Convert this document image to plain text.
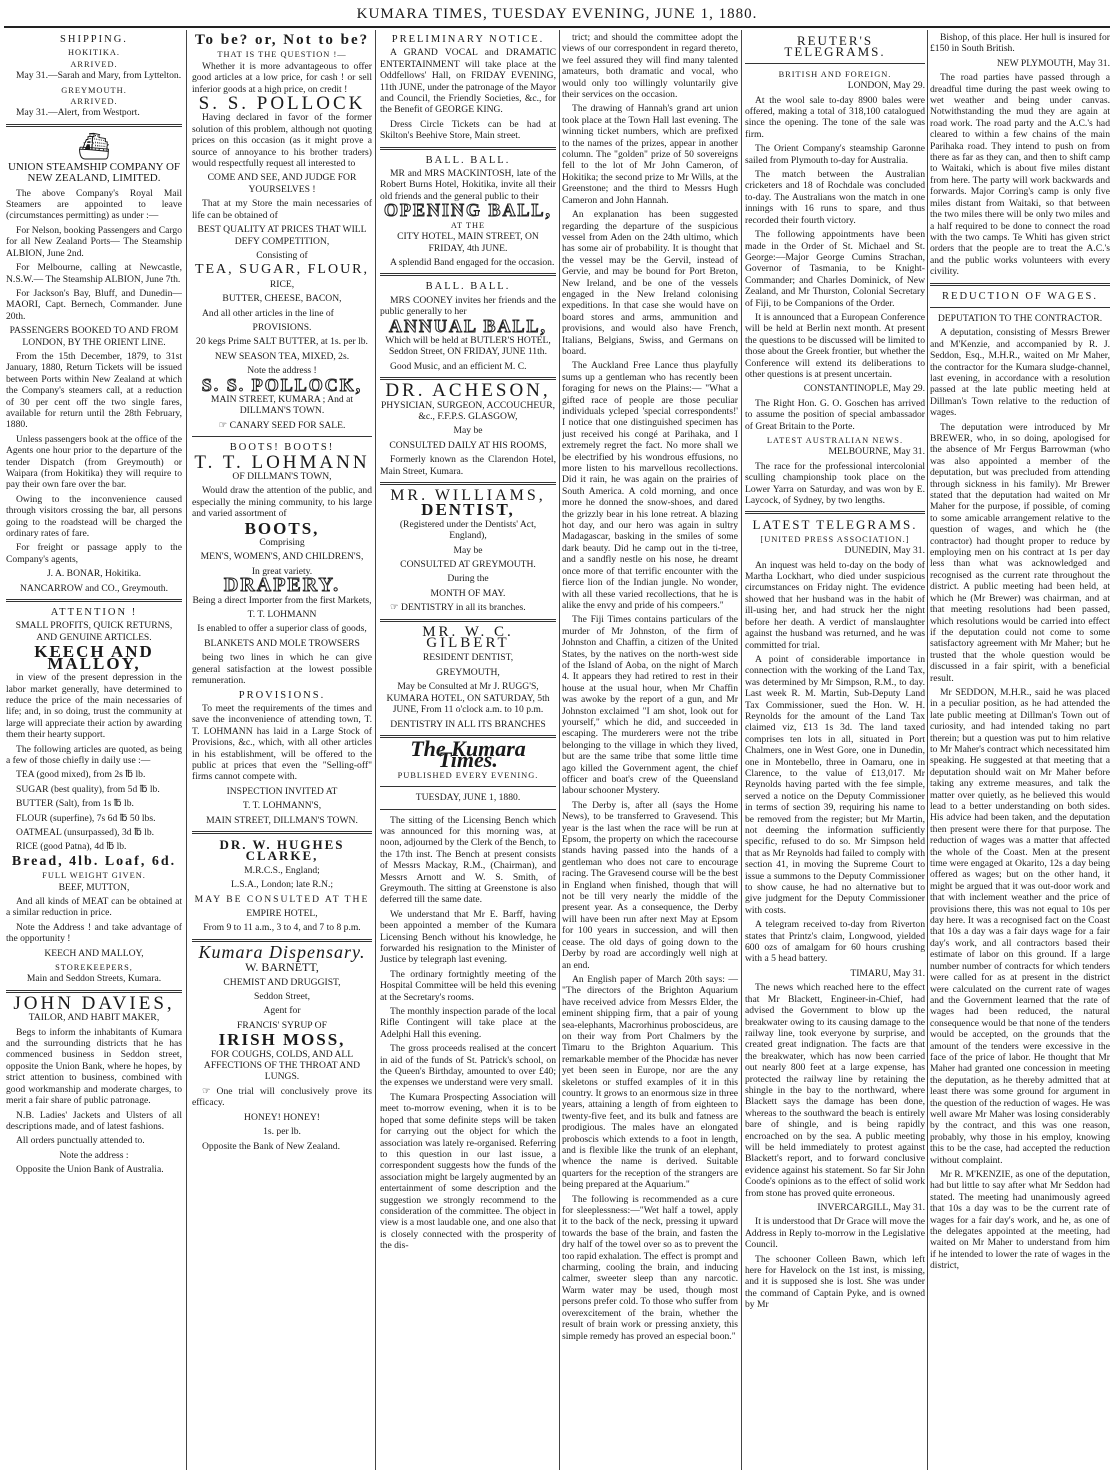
KUMARA TIMES, TUESDAY EVENING, JUNE 1, 1880.
SHIPPING.
HOKITIKA.
ARRIVED.

May 31.—Sarah and Mary, from Lyttelton.

GREYMOUTH.
ARRIVED.

May 31.—Alert, from Westport.

⛴

UNION STEAMSHIP COMPANY OF NEW ZEALAND, LIMITED.

The above Company's Royal Mail Steamers are appointed to leave (circumstances permitting) as under :—

For Nelson, booking Passengers and Cargo for all New Zealand Ports— The Steamship ALBION, June 2nd.

For Melbourne, calling at Newcastle, N.S.W.— The Steamship ALBION, June 7th.

For Jackson's Bay, Bluff, and Dunedin— MAORI, Capt. Bernech, Commander. June 20th.

PASSENGERS BOOKED TO AND FROM LONDON, BY THE ORIENT LINE.

From the 15th December, 1879, to 31st January, 1880, Return Tickets will be issued between Ports within New Zealand at which the Company's steamers call, at a reduction of 30 per cent off the two single fares, available for return until the 28th February, 1880.

Unless passengers book at the office of the Agents one hour prior to the departure of the tender Dispatch (from Greymouth) or Waipara (from Hokitika) they will require to pay their own fare over the bar.

Owing to the inconvenience caused through visitors crossing the bar, all persons going to the roadstead will be charged the ordinary rates of fare.

For freight or passage apply to the Company's agents,

J. A. BONAR, Hokitika.

NANCARROW and CO., Greymouth.

ATTENTION !

SMALL PROFITS, QUICK RETURNS, AND GENUINE ARTICLES.

KEECH AND MALLOY,

in view of the present depression in the labor market generally, have determined to reduce the price of the main necessaries of life; and, in so doing, trust the community at large will appreciate their action by awarding them their hearty support.

The following articles are quoted, as being a few of those chiefly in daily use :—

TEA (good mixed), from 2s ℔ lb.

SUGAR (best quality), from 5d ℔ lb.

BUTTER (Salt), from 1s ℔ lb.

FLOUR (superfine), 7s 6d ℔ 50 lbs.

OATMEAL (unsurpassed), 3d ℔ lb.

RICE (good Patna), 4d ℔ lb.

Bread, 4lb. Loaf, 6d.
FULL WEIGHT GIVEN.

BEEF, MUTTON,

And all kinds of MEAT can be obtained at a similar reduction in price.

Note the Address ! and take advantage of the opportunity !

KEECH AND MALLOY,

STOREKEEPERS,

Main and Seddon Streets, Kumara.

JOHN DAVIES,

TAILOR, AND HABIT MAKER,

Begs to inform the inhabitants of Kumara and the surrounding districts that he has commenced business in Seddon street, opposite the Union Bank, where he hopes, by strict attention to business, combined with good workmanship and moderate charges, to merit a fair share of public patronage.

N.B. Ladies' Jackets and Ulsters of all descriptions made, and of latest fashions.

All orders punctually attended to.

Note the address :

Opposite the Union Bank of Australia.

To be? or, Not to be?
THAT IS THE QUESTION !—

Whether it is more advantageous to offer good articles at a low price, for cash ! or sell inferior goods at a high price, on credit !

S. S. POLLOCK

Having declared in favor of the former solution of this problem, although not quoting prices on this occasion (as it might prove a source of annoyance to his brother traders) would respectfully request all interested to

COME AND SEE, AND JUDGE FOR YOURSELVES !

That at my Store the main necessaries of life can be obtained of

BEST QUALITY AT PRICES THAT WILL DEFY COMPETITION,

Consisting of

TEA, SUGAR, FLOUR,

RICE,

BUTTER, CHEESE, BACON,

And all other articles in the line of

PROVISIONS.

20 kegs Prime SALT BUTTER, at 1s. per lb.

NEW SEASON TEA, MIXED, 2s.

Note the address !

S. S. POLLOCK,

MAIN STREET, KUMARA ; And at DILLMAN'S TOWN.

☞ CANARY SEED FOR SALE.

BOOTS! BOOTS!
T. T. LOHMANN

OF DILLMAN'S TOWN,

Would draw the attention of the public, and especially the mining community, to his large and varied assortment of

BOOTS,

Comprising

MEN'S, WOMEN'S, AND CHILDREN'S,

In great variety.

DRAPERY.

Being a direct Importer from the first Markets,

T. T. LOHMANN

Is enabled to offer a superior class of goods,

BLANKETS AND MOLE TROWSERS

being two lines in which he can give general satisfaction at the lowest possible remuneration.

PROVISIONS.

To meet the requirements of the times and save the inconvenience of attending town, T. T. LOHMANN has laid in a Large Stock of Provisions, &c., which, with all other articles in his establishment, will be offered to the public at prices that even the "Selling-off" firms cannot compete with.

INSPECTION INVITED AT

T. T. LOHMANN'S,

MAIN STREET, DILLMAN'S TOWN.

DR. W. HUGHES CLARKE,

M.R.C.S., England;

L.S.A., London; late R.N.;

MAY BE CONSULTED AT THE

EMPIRE HOTEL,

From 9 to 11 a.m., 3 to 4, and 7 to 8 p.m.

Kumara Dispensary.

W. BARNETT,

CHEMIST AND DRUGGIST,

Seddon Street,

Agent for

FRANCIS' SYRUP OF

IRISH MOSS,

FOR COUGHS, COLDS, AND ALL AFFECTIONS OF THE THROAT AND LUNGS.

☞ One trial will conclusively prove its efficacy.

HONEY! HONEY!

1s. per lb.

Opposite the Bank of New Zealand.

PRELIMINARY NOTICE.

A GRAND VOCAL and DRAMATIC ENTERTAINMENT will take place at the Oddfellows' Hall, on FRIDAY EVENING, 11th JUNE, under the patronage of the Mayor and Council, the Friendly Societies, &c., for the Benefit of GEORGE KING.

Dress Circle Tickets can be had at Skilton's Beehive Store, Main street.

BALL. BALL.

MR and MRS MACKINTOSH, late of the Robert Burns Hotel, Hokitika, invite all their old friends and the general public to their

OPENING BALL,
AT THE

CITY HOTEL, MAIN STREET, ON FRIDAY, 4th JUNE.

A splendid Band engaged for the occasion.

BALL. BALL.

MRS COONEY invites her friends and the public generally to her

ANNUAL BALL,

Which will be held at BUTLER'S HOTEL, Seddon Street, ON FRIDAY, JUNE 11th.

Good Music, and an efficient M. C.

DR. ACHESON,

PHYSICIAN, SURGEON, ACCOUCHEUR, &c., F.F.P.S. GLASGOW,

May be

CONSULTED DAILY AT HIS ROOMS,

Formerly known as the Clarendon Hotel, Main Street, Kumara.

MR. WILLIAMS,
DENTIST,

(Registered under the Dentists' Act, England),

May be

CONSULTED AT GREYMOUTH.

During the

MONTH OF MAY.

☞ DENTISTRY in all its branches.

MR. W. C. GILBERT

RESIDENT DENTIST,

GREYMOUTH,

May be Consulted at Mr J. RUGG'S, KUMARA HOTEL, ON SATURDAY, 5th JUNE, From 11 o'clock a.m. to 10 p.m.

DENTISTRY IN ALL ITS BRANCHES

The Kumara Times.
PUBLISHED EVERY EVENING.

TUESDAY, JUNE 1, 1880.

The sitting of the Licensing Bench which was announced for this morning was, at noon, adjourned by the Clerk of the Bench, to the 17th inst. The Bench at present consists of Messrs Mackay, R.M., (Chairman), and Messrs Arnott and W. S. Smith, of Greymouth. The sitting at Greenstone is also deferred till the same date.

We understand that Mr E. Barff, having been appointed a member of the Kumara Licensing Bench without his knowledge, he forwarded his resignation to the Minister of Justice by telegraph last evening.

The ordinary fortnightly meeting of the Hospital Committee will be held this evening at the Secretary's rooms.

The monthly inspection parade of the local Rifle Contingent will take place at the Adelphi Hall this evening.

The gross proceeds realised at the concert in aid of the funds of St. Patrick's school, on the Queen's Birthday, amounted to over £40; the expenses we understand were very small.

The Kumara Prospecting Association will meet to-morrow evening, when it is to be hoped that some definite steps will be taken for carrying out the object for which the association was lately re-organised. Referring to this question in our last issue, a correspondent suggests how the funds of the association might be largely augmented by an entertainment of some description and the suggestion we strongly recommend to the consideration of the committee. The object in view is a most laudable one, and one also that is closely connected with the prosperity of the dis-

trict; and should the committee adopt the views of our correspondent in regard thereto, we feel assured they will find many talented amateurs, both dramatic and vocal, who would only too willingly voluntarily give their services on the occasion.

The drawing of Hannah's grand art union took place at the Town Hall last evening. The winning ticket numbers, which are prefixed to the names of the prizes, appear in another column. The "golden" prize of 50 sovereigns fell to the lot of Mr John Cameron, of Hokitika; the second prize to Mr Wills, at the Greenstone; and the third to Messrs Hugh Cameron and John Hannah.

An explanation has been suggested regarding the departure of the suspicious vessel from Aden on the 24th ultimo, which has some air of probability. It is thought that the vessel may be the Gervil, instead of Gervie, and may be bound for Port Breton, New Ireland, and be one of the vessels engaged in the New Ireland colonising expeditions. In that case she would have on board stores and arms, ammunition and provisions, and would also have French, Italians, Belgians, Swiss, and Germans on board.

The Auckland Free Lance thus playfully sums up a gentleman who has recently been foraging for news on the Plains:— "What a gifted race of people are those peculiar individuals ycleped 'special correspondents!' I notice that one distinguished specimen has just received his congé at Parihaka, and I extremely regret the fact. No more shall we be electrified by his wondrous effusions, no more listen to his marvellous recollections. Did it rain, he was again on the prairies of South America. A cold morning, and once more he donned the snow-shoes, and dared the grizzly bear in his lone retreat. A blazing hot day, and our hero was again in sultry Madagascar, basking in the smiles of some dark beauty. Did he camp out in the ti-tree, and a sandfly nestle on his nose, he dreamt once more of that terrific encounter with the fierce lion of the Indian jungle. No wonder, with all these varied recollections, that he is alike the envy and pride of his compeers."

The Fiji Times contains particulars of the murder of Mr Johnston, of the firm of Johnston and Chaffin, a citizen of the United States, by the natives on the north-west side of the Island of Aoba, on the night of March 4. It appears they had retired to rest in their house at the usual hour, when Mr Chaffin was awoke by the report of a gun, and Mr Johnston exclaimed "I am shot, look out for yourself," which he did, and succeeded in escaping. The murderers were not the tribe belonging to the village in which they lived, but are the same tribe that some little time ago killed the Government agent, the chief officer and boat's crew of the Queensland labour schooner Mystery.

The Derby is, after all (says the Home News), to be transferred to Gravesend. This year is the last when the race will be run at Epsom, the property on which the racecourse stands having passed into the hands of a gentleman who does not care to encourage racing. The Gravesend course will be the best in England when finished, though that will not be till very nearly the middle of the present year. As a consequence, the Derby will have been run after next May at Epsom for 100 years in succession, and will then cease. The old days of going down to the Derby by road are accordingly well nigh at an end.

An English paper of March 20th says: — "The directors of the Brighton Aquarium have received advice from Messrs Elder, the eminent shipping firm, that a pair of young sea-elephants, Macrorhinus proboscideus, are on their way from Port Chalmers by the Timaru to the Brighton Aquarium. This remarkable member of the Phocidæ has never yet been seen in Europe, nor are the any skeletons or stuffed examples of it in this country. It grows to an enormous size in three years, attaining a length of from eighteen to twenty-five feet, and its bulk and fatness are prodigious. The males have an elongated proboscis which extends to a foot in length, and is flexible like the trunk of an elephant, whence the name is derived. Suitable quarters for the reception of the strangers are being prepared at the Aquarium."

The following is recommended as a cure for sleeplessness:—"Wet half a towel, apply it to the back of the neck, pressing it upward towards the base of the brain, and fasten the dry half of the towel over so as to prevent the too rapid exhalation. The effect is prompt and charming, cooling the brain, and inducing calmer, sweeter sleep than any narcotic. Warm water may be used, though most persons prefer cold. To those who suffer from overexcitement of the brain, whether the result of brain work or pressing anxiety, this simple remedy has proved an especial boon."

REUTER'S TELEGRAMS.
BRITISH AND FOREIGN.

LONDON, May 29.

At the wool sale to-day 8900 bales were offered, making a total of 318,100 catalogued since the opening. The tone of the sale was firm.

The Orient Company's steamship Garonne sailed from Plymouth to-day for Australia.

The match between the Australian cricketers and 18 of Rochdale was concluded to-day. The Australians won the match in one innings with 16 runs to spare, and thus recorded their fourth victory.

The following appointments have been made in the Order of St. Michael and St. George:—Major George Cumins Strachan, Governor of Tasmania, to be Knight-Commander; and Charles Dominick, of New Zealand, and Mr Thurston, Colonial Secretary of Fiji, to be Companions of the Order.

It is announced that a European Conference will be held at Berlin next month. At present the questions to be discussed will be limited to those about the Greek frontier, but whether the Conference will extend its deliberations to other questions is at present uncertain.

CONSTANTINOPLE, May 29.

The Right Hon. G. O. Goschen has arrived to assume the position of special ambassador of Great Britain to the Porte.

LATEST AUSTRALIAN NEWS.

MELBOURNE, May 31.

The race for the professional intercolonial sculling championship took place on the Lower Yarra on Saturday, and was won by E. Laycock, of Sydney, by two lengths.

LATEST TELEGRAMS.
[UNITED PRESS ASSOCIATION.]

DUNEDIN, May 31.

An inquest was held to-day on the body of Martha Lockhart, who died under suspicious circumstances on Friday night. The evidence showed that her husband was in the habit of ill-using her, and had struck her the night before her death. A verdict of manslaughter against the husband was returned, and he was committed for trial.

A point of considerable importance in connection with the working of the Land Tax, was determined by Mr Simpson, R.M., to day. Last week R. M. Martin, Sub-Deputy Land Tax Commissioner, sued the Hon. W. H. Reynolds for the amount of the Land Tax claimed viz, £13 1s 3d. The land taxed comprises ten lots in all, situated in Port Chalmers, one in West Gore, one in Dunedin, one in Montebello, three in Oamaru, one in Clarence, to the value of £13,017. Mr Reynolds having parted with the fee simple, served a notice on the Deputy Commissioner in terms of section 39, requiring his name to be removed from the register; but Mr Martin, not deeming the information sufficiently specific, refused to do so. Mr Simpson held that as Mr Reynolds had failed to comply with section 41, in moving the Supreme Court to issue a summons to the Deputy Commissioner to show cause, he had no alternative but to give judgment for the Deputy Commissioner with costs.

A telegram received to-day from Riverton states that Printz's claim, Longwood, yielded 600 ozs of amalgam for 60 hours crushing with a 5 head battery.

TIMARU, May 31.

The news which reached here to the effect that Mr Blackett, Engineer-in-Chief, had advised the Government to blow up the breakwater owing to its causing damage to the railway line, took everyone by surprise, and created great indignation. The facts are that the breakwater, which has now been carried out nearly 800 feet at a large expense, has protected the railway line by retaining the shingle in the bay to the northward, where Blackett says the damage has been done, whereas to the southward the beach is entirely bare of shingle, and is being rapidly encroached on by the sea. A public meeting will be held immediately to protest against Blackett's report, and to forward conclusive evidence against his statement. So far Sir John Coode's opinions as to the effect of solid work from stone has proved quite erroneous.

INVERCARGILL, May 31.

It is understood that Dr Grace will move the Address in Reply to-morrow in the Legislative Council.

The schooner Colleen Bawn, which left here for Havelock on the 1st inst, is missing, and it is supposed she is lost. She was under the command of Captain Pyke, and is owned by Mr

Bishop, of this place. Her hull is insured for £150 in South British.

NEW PLYMOUTH, May 31.

The road parties have passed through a dreadful time during the past week owing to wet weather and being under canvas. Notwithstanding the mud they are again at road work. The road party and the A.C.'s had cleared to within a few chains of the main Parihaka road. They intend to push on from there as far as they can, and then to shift camp to Waitaki, which is about five miles distant from here. The party will work backwards and forwards. Major Corring's camp is only five miles distant from Waitaki, so that between the two miles there will be only two miles and a half required to be done to connect the road with the two camps. Te Whiti has given strict orders that the people are to treat the A.C.'s and the public works volunteers with every civility.

REDUCTION OF WAGES.

DEPUTATION TO THE CONTRACTOR.

A deputation, consisting of Messrs Brewer and M'Kenzie, and accompanied by R. J. Seddon, Esq., M.H.R., waited on Mr Maher, the contractor for the Kumara sludge-channel, last evening, in accordance with a resolution passed at the late public meeting held at Dillman's Town relative to the reduction of wages.

The deputation were introduced by Mr BREWER, who, in so doing, apologised for the absence of Mr Fergus Barrowman (who was also appointed a member of the deputation, but was precluded from attending through sickness in his family). Mr Brewer stated that the deputation had waited on Mr Maher for the purpose, if possible, of coming to some amicable arrangement relative to the question of wages, and which he (the contractor) had thought proper to reduce by employing men on his contract at 1s per day less than what was acknowledged and recognised as the current rate throughout the district. A public meeting had been held, at which he (Mr Brewer) was chairman, and at that meeting resolutions had been passed, which resolutions would be carried into effect if the deputation could not come to some satisfactory agreement with Mr Maher; but he trusted that the whole question would be discussed in a fair spirit, with a beneficial result.

Mr SEDDON, M.H.R., said he was placed in a peculiar position, as he had attended the late public meeting at Dillman's Town out of curiosity, and had intended taking no part therein; but a question was put to him relative to Mr Maher's contract which necessitated him speaking. He suggested at that meeting that a deputation should wait on Mr Maher before taking any extreme measures, and talk the matter over quietly, as he believed this would lead to a better understanding on both sides. His advice had been taken, and the deputation then present were there for that purpose. The reduction of wages was a matter that affected the whole of the Coast. Men at the present time were engaged at Okarito, 12s a day being offered as wages; but on the other hand, it might be argued that it was out-door work and that with inclement weather and the price of provisions there, this was not equal to 10s per day here. It was a recognised fact on the Coast that 10s a day was a fair days wage for a fair day's work, and all contractors based their estimate of labor on this ground. If a large number number of contracts for which tenders were called for as at present in the district were calculated on the current rate of wages and the Government learned that the rate of wages had been reduced, the natural consequence would be that none of the tenders would be accepted, on the grounds that the amount of the tenders were excessive in the face of the price of labor. He thought that Mr Maher had granted one concession in meeting the deputation, as he thereby admitted that at least there was some ground for argument in the question of the reduction of wages. He was well aware Mr Maher was losing considerably by the contract, and this was one reason, probably, why those in his employ, knowing this to be the case, had accepted the reduction without complaint.

Mr R. M'KENZIE, as one of the deputation, had but little to say after what Mr Seddon had stated. The meeting had unanimously agreed that 10s a day was to be the current rate of wages for a fair day's work, and he, as one of the delegates appointed at the meeting, had waited on Mr Maher to understand from him if he intended to lower the rate of wages in the district,
